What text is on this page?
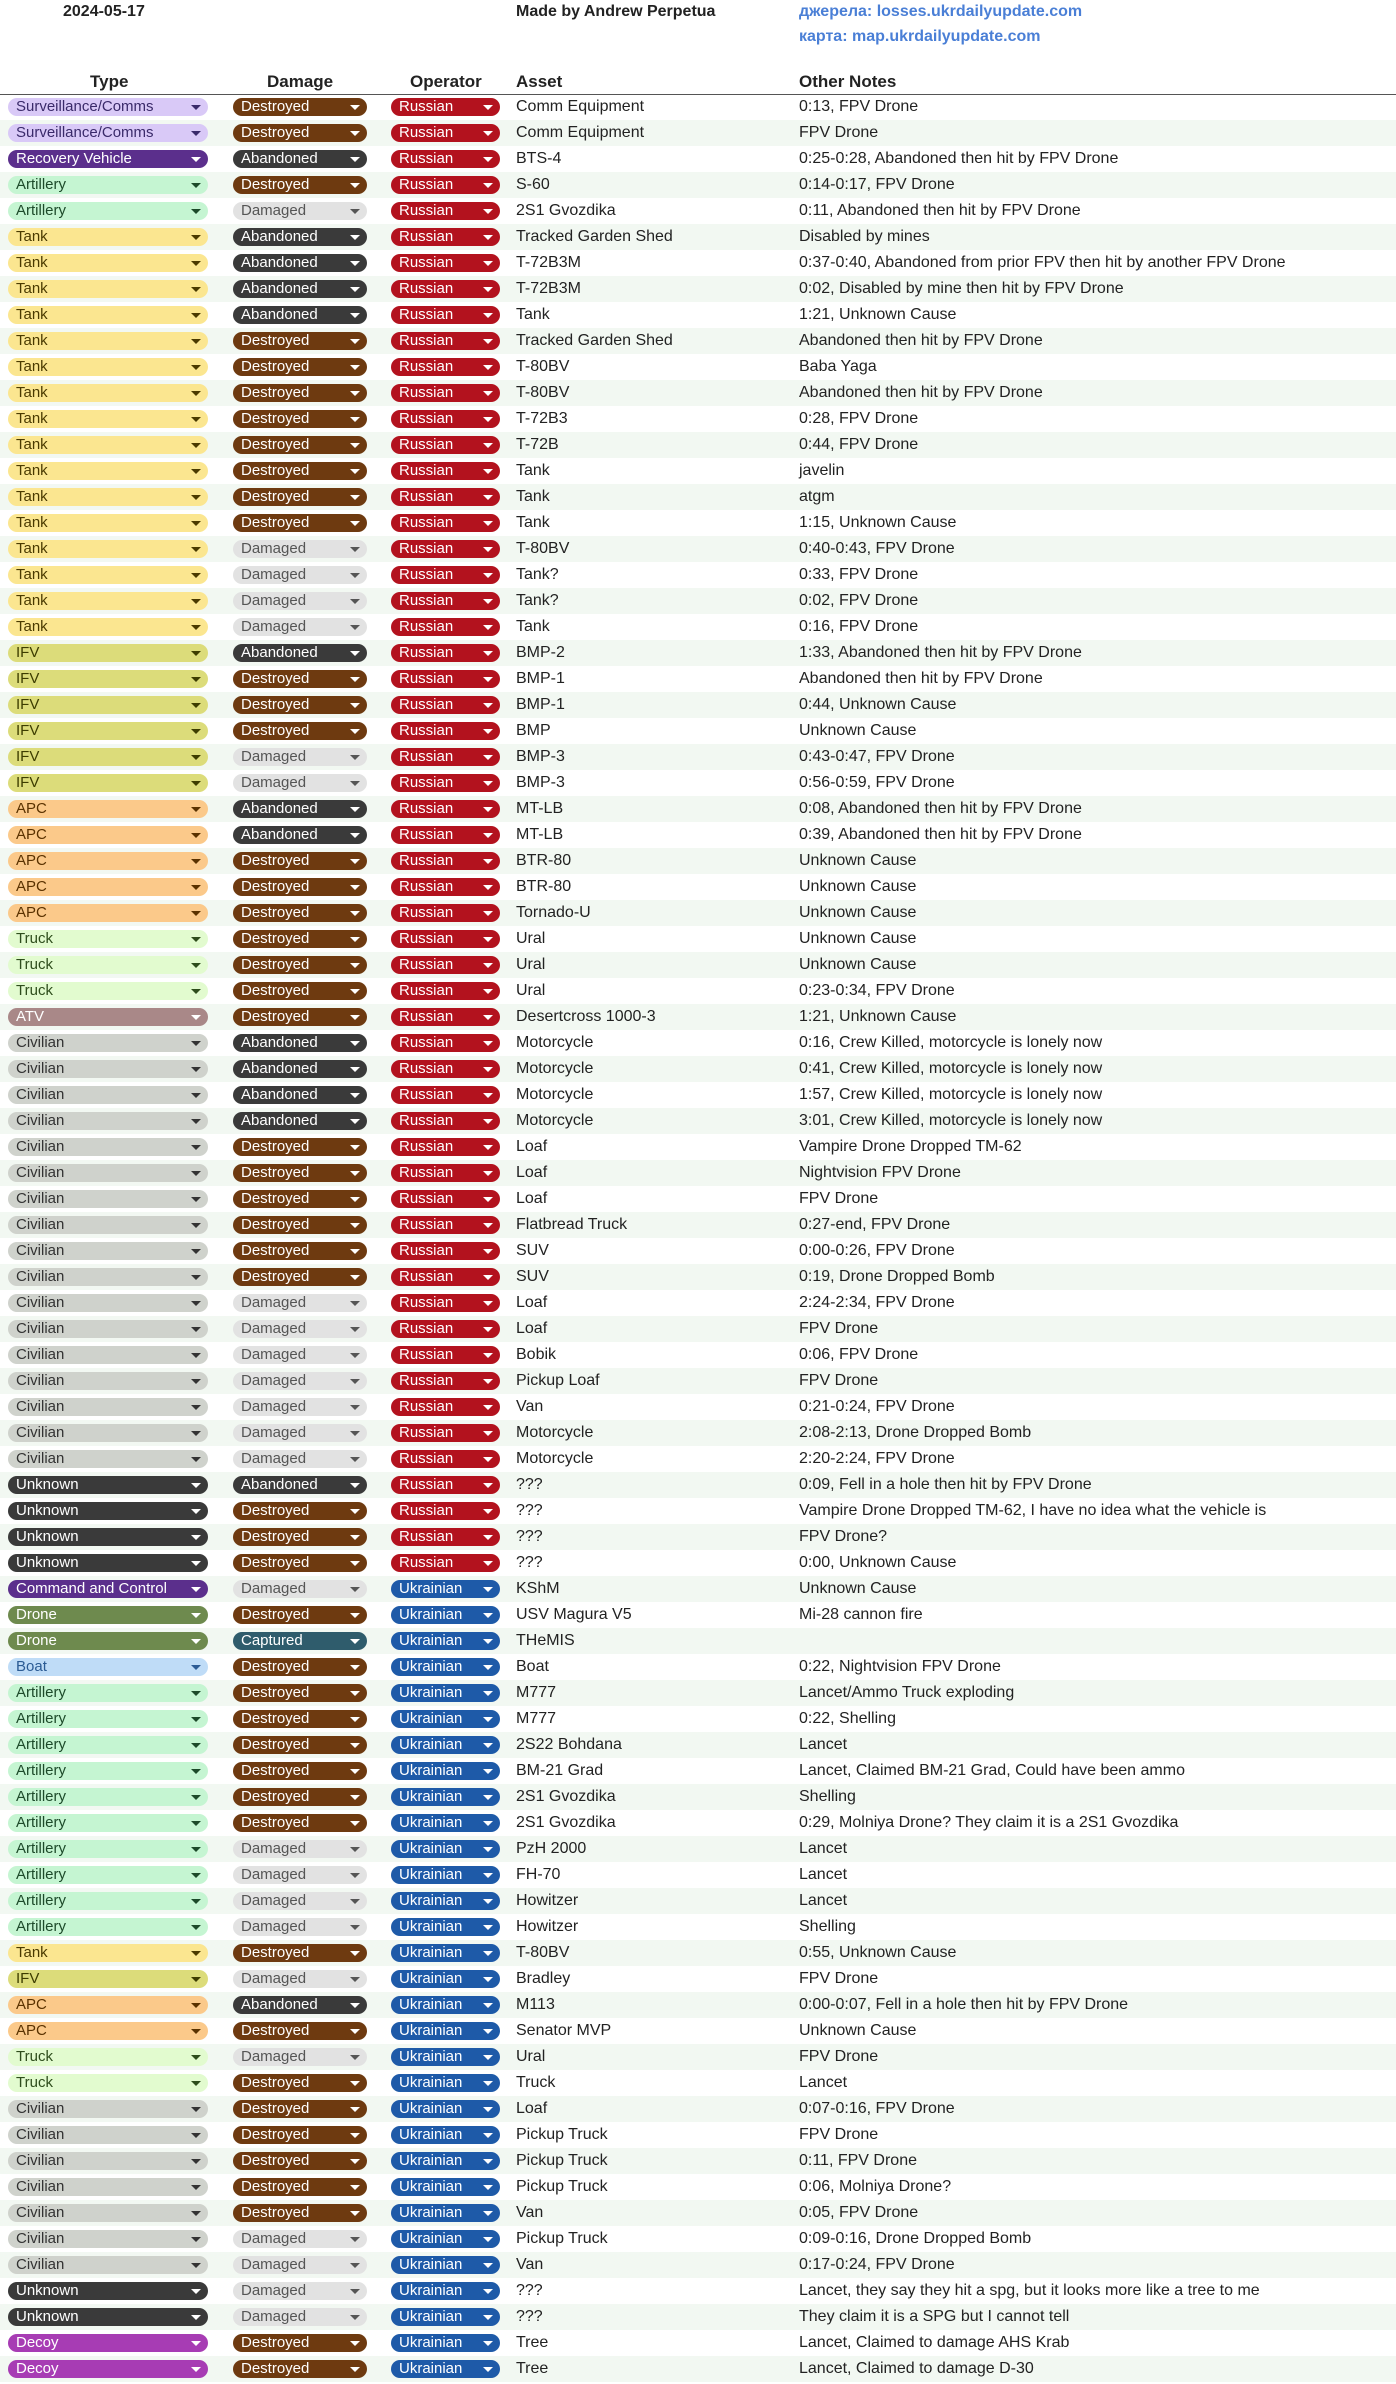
2024-05-17	Made by Andrew Perpetua	джерела: losses.ukrdailyupdate.com
карта: map.ukrdailyupdate.com
Type	Damage	Operator Asset	Other Notes
Surveillance/Comms	Destroyed	Russian	Comm Equipment	0:13, FPV Drone
Surveillance/Comms	Destroyed	Russian	Comm Equipment	FPV Drone
Recovery Vehicle	Abandoned	Russian	BTS-4	0:25-0:28, Abandoned then hit by FPV Drone
Artillery	Destroyed	Russian	S-60	0:14-0:17, FPV Drone
Artillery	Damaged	Russian	2S1 Gvozdika	0:11, Abandoned then hit by FPV Drone
Tank	Abandoned	Russian	Tracked Garden Shed	Disabled by mines
Tank	Abandoned	Russian	T-72B3M	0:37-0:40, Abandoned from prior FPV then hit by another FPV Drone
Tank	Abandoned	Russian	T-72B3M	0:02, Disabled by mine then hit by FPV Drone
Tank	Abandoned	Russian	Tank	1:21, Unknown Cause
Tank	Destroyed	Russian	Tracked Garden Shed	Abandoned then hit by FPV Drone
Tank	Destroyed	Russian	T-80BV	Baba Yaga
Tank	Destroyed	Russian	T-80BV	Abandoned then hit by FPV Drone
Tank	Destroyed	Russian	T-72B3	0:28, FPV Drone
Tank	Destroyed	Russian	T-72B	0:44, FPV Drone
Tank	Destroyed	Russian	Tank	javelin
Tank	Destroyed	Russian	Tank	atgm
Tank	Destroyed	Russian	Tank	1:15, Unknown Cause
Tank	Damaged	Russian	T-80BV	0:40-0:43, FPV Drone
Tank	Damaged	Russian	Tank?	0:33, FPV Drone
Tank	Damaged	Russian	Tank?	0:02, FPV Drone
Tank	Damaged	Russian	Tank	0:16, FPV Drone
IFV	Abandoned	Russian	BMP-2	1:33, Abandoned then hit by FPV Drone
IFV	Destroyed	Russian	BMP-1	Abandoned then hit by FPV Drone
IFV	Destroyed	Russian	BMP-1	0:44, Unknown Cause
IFV	Destroyed	Russian	BMP	Unknown Cause
IFV	Damaged	Russian	BMP-3	0:43-0:47, FPV Drone
IFV	Damaged	Russian	BMP-3	0:56-0:59, FPV Drone
APC	Abandoned	Russian	MT-LB	0:08, Abandoned then hit by FPV Drone
APC	Abandoned	Russian	MT-LB	0:39, Abandoned then hit by FPV Drone
APC	Destroyed	Russian	BTR-80	Unknown Cause
APC	Destroyed	Russian	BTR-80	Unknown Cause
APC	Destroyed	Russian	Tornado-U	Unknown Cause
Truck	Destroyed	Russian	Ural	Unknown Cause
Truck	Destroyed	Russian	Ural	Unknown Cause
Truck	Destroyed	Russian	Ural	0:23-0:34, FPV Drone
ATV	Destroyed	Russian	Desertcross 1000-3	1:21, Unknown Cause
Civilian	Abandoned	Russian	Motorcycle	0:16, Crew Killed, motorcycle is lonely now
Civilian	Abandoned	Russian	Motorcycle	0:41, Crew Killed, motorcycle is lonely now
Civilian	Abandoned	Russian	Motorcycle	1:57, Crew Killed, motorcycle is lonely now
Civilian	Abandoned	Russian	Motorcycle	3:01, Crew Killed, motorcycle is lonely now
Civilian	Destroyed	Russian	Loaf	Vampire Drone Dropped TM-62
Civilian	Destroyed	Russian	Loaf	Nightvision FPV Drone
Civilian	Destroyed	Russian	Loaf	FPV Drone
Civilian	Destroyed	Russian	Flatbread Truck	0:27-end, FPV Drone
Civilian	Destroyed	Russian	SUV	0:00-0:26, FPV Drone
Civilian	Destroyed	Russian	SUV	0:19, Drone Dropped Bomb
Civilian	Damaged	Russian	Loaf	2:24-2:34, FPV Drone
Civilian	Damaged	Russian	Loaf	FPV Drone
Civilian	Damaged	Russian	Bobik	0:06, FPV Drone
Civilian	Damaged	Russian	Pickup Loaf	FPV Drone
Civilian	Damaged	Russian	Van	0:21-0:24, FPV Drone
Civilian	Damaged	Russian	Motorcycle	2:08-2:13, Drone Dropped Bomb
Civilian	Damaged	Russian	Motorcycle	2:20-2:24, FPV Drone
Unknown	Abandoned	Russian	???	0:09, Fell in a hole then hit by FPV Drone
Unknown	Destroyed	Russian	???	Vampire Drone Dropped TM-62, I have no idea what the vehicle is
Unknown	Destroyed	Russian	???	FPV Drone?
Unknown	Destroyed	Russian	???	0:00, Unknown Cause
Command and Control	Damaged	Ukrainian	KShM	Unknown Cause
Drone	Destroyed	Ukrainian	USV Magura V5	Mi-28 cannon fire
Drone	Captured	Ukrainian	THeMIS
Boat	Destroyed	Ukrainian	Boat	0:22, Nightvision FPV Drone
Artillery	Destroyed	Ukrainian	M777	Lancet/Ammo Truck exploding
Artillery	Destroyed	Ukrainian	M777	0:22, Shelling
Artillery	Destroyed	Ukrainian	2S22 Bohdana	Lancet
Artillery	Destroyed	Ukrainian	BM-21 Grad	Lancet, Claimed BM-21 Grad, Could have been ammo
Artillery	Destroyed	Ukrainian	2S1 Gvozdika	Shelling
Artillery	Destroyed	Ukrainian	2S1 Gvozdika	0:29, Molniya Drone? They claim it is a 2S1 Gvozdika
Artillery	Damaged	Ukrainian	PzH 2000	Lancet
Artillery	Damaged	Ukrainian	FH-70	Lancet
Artillery	Damaged	Ukrainian	Howitzer	Lancet
Artillery	Damaged	Ukrainian	Howitzer	Shelling
Tank	Destroyed	Ukrainian	T-80BV	0:55, Unknown Cause
IFV	Damaged	Ukrainian	Bradley	FPV Drone
APC	Abandoned	Ukrainian	M113	0:00-0:07, Fell in a hole then hit by FPV Drone
APC	Destroyed	Ukrainian	Senator MVP	Unknown Cause
Truck	Damaged	Ukrainian	Ural	FPV Drone
Truck	Destroyed	Ukrainian	Truck	Lancet
Civilian	Destroyed	Ukrainian	Loaf	0:07-0:16, FPV Drone
Civilian	Destroyed	Ukrainian	Pickup Truck	FPV Drone
Civilian	Destroyed	Ukrainian	Pickup Truck	0:11, FPV Drone
Civilian	Destroyed	Ukrainian	Pickup Truck	0:06, Molniya Drone?
Civilian	Destroyed	Ukrainian	Van	0:05, FPV Drone
Civilian	Damaged	Ukrainian	Pickup Truck	0:09-0:16, Drone Dropped Bomb
Civilian	Damaged	Ukrainian	Van	0:17-0:24, FPV Drone
Unknown	Damaged	Ukrainian	???	Lancet, they say they hit a spg, but it looks more like a tree to me
Unknown	Damaged	Ukrainian	???	They claim it is a SPG but I cannot tell
Decoy	Destroyed	Ukrainian	Tree	Lancet, Claimed to damage AHS Krab
Decoy	Destroyed	Ukrainian	Tree	Lancet, Claimed to damage D-30
